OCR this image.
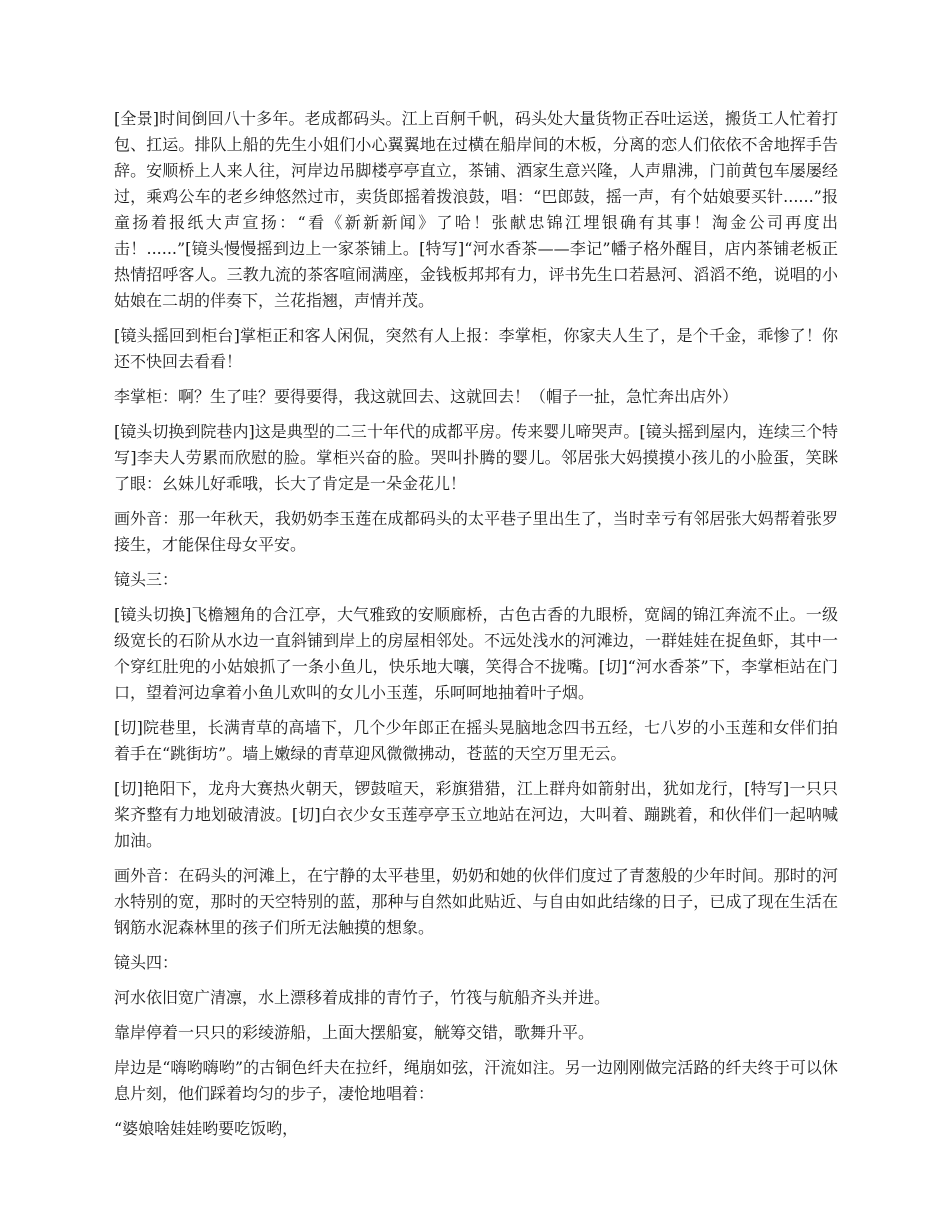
[全景]时间倒回八十多年。老成都码头。江上百舸千帆，码头处大量货物正吞吐运送，搬货工人忙着打包、扛运。排队上船的先生小姐们小心翼翼地在过横在船岸间的木板，分离的恋人们依依不舍地挥手告辞。安顺桥上人来人往，河岸边吊脚楼亭亭直立，茶铺、酒家生意兴隆，人声鼎沸，门前黄包车屡屡经过，乘鸡公车的老乡绅悠然过市，卖货郎摇着拨浪鼓，唱：“巴郎鼓，摇一声，有个姑娘要买针......”报童扬着报纸大声宣扬：“看《新新新闻》了哈！张献忠锦江埋银确有其事！淘金公司再度出击！......”[镜头慢慢摇到边上一家茶铺上。[特写]“河水香茶——李记”幡子格外醒目，店内茶铺老板正热情招呼客人。三教九流的茶客喧闹满座，金钱板邦邦有力，评书先生口若悬河、滔滔不绝，说唱的小姑娘在二胡的伴奏下，兰花指翘，声情并茂。

[镜头摇回到柜台]掌柜正和客人闲侃，突然有人上报：李掌柜，你家夫人生了，是个千金，乖惨了！你还不快回去看看！

李掌柜：啊？生了哇？要得要得，我这就回去、这就回去！（帽子一扯，急忙奔出店外）

[镜头切换到院巷内]这是典型的二三十年代的成都平房。传来婴儿啼哭声。[镜头摇到屋内，连续三个特写]李夫人劳累而欣慰的脸。掌柜兴奋的脸。哭叫扑腾的婴儿。邻居张大妈摸摸小孩儿的小脸蛋，笑眯了眼：幺妹儿好乖哦，长大了肯定是一朵金花儿！

画外音：那一年秋天，我奶奶李玉莲在成都码头的太平巷子里出生了，当时幸亏有邻居张大妈帮着张罗接生，才能保住母女平安。

镜头三：

[镜头切换]飞檐翘角的合江亭，大气雅致的安顺廊桥，古色古香的九眼桥，宽阔的锦江奔流不止。一级级宽长的石阶从水边一直斜铺到岸上的房屋相邻处。不远处浅水的河滩边，一群娃娃在捉鱼虾，其中一个穿红肚兜的小姑娘抓了一条小鱼儿，快乐地大嚷，笑得合不拢嘴。[切]“河水香茶”下，李掌柜站在门口，望着河边拿着小鱼儿欢叫的女儿小玉莲，乐呵呵地抽着叶子烟。

[切]院巷里，长满青草的高墙下，几个少年郎正在摇头晃脑地念四书五经，七八岁的小玉莲和女伴们拍着手在“跳街坊”。墙上嫩绿的青草迎风微微拂动，苍蓝的天空万里无云。

[切]艳阳下，龙舟大赛热火朝天，锣鼓喧天，彩旗猎猎，江上群舟如箭射出，犹如龙行，[特写]一只只桨齐整有力地划破清波。[切]白衣少女玉莲亭亭玉立地站在河边，大叫着、蹦跳着，和伙伴们一起呐喊加油。

画外音：在码头的河滩上，在宁静的太平巷里，奶奶和她的伙伴们度过了青葱般的少年时间。那时的河水特别的宽，那时的天空特别的蓝，那种与自然如此贴近、与自由如此结缘的日子，已成了现在生活在钢筋水泥森林里的孩子们所无法触摸的想象。

镜头四：

河水依旧宽广清凛，水上漂移着成排的青竹子，竹筏与航船齐头并进。

靠岸停着一只只的彩绫游船，上面大摆船宴，觥筹交错，歌舞升平。

岸边是“嗨哟嗨哟”的古铜色纤夫在拉纤，绳崩如弦，汗流如注。另一边刚刚做完活路的纤夫终于可以休息片刻，他们踩着均匀的步子，凄怆地唱着：

“婆娘啥娃娃哟要吃饭哟，
